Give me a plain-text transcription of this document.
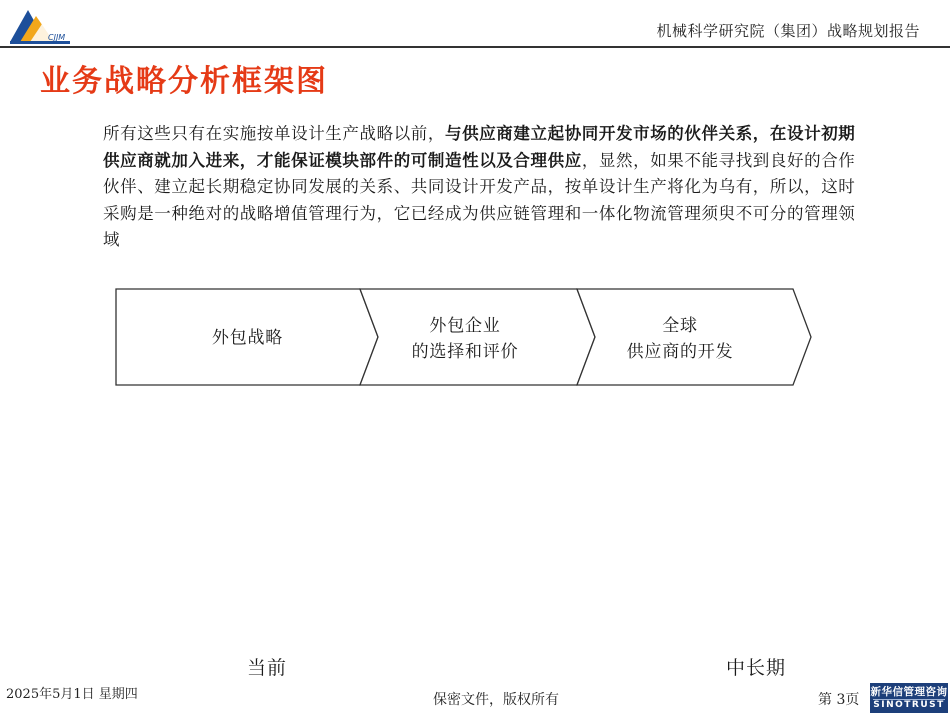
CJJM	机械科学研究院（集团）战略规划报告
业务战略分析框架图
所有这些只有在实施按单设计生产战略以前，与供应商建立起协同开发市场的伙伴关系，在设计初期供应商就加入进来，才能保证模块部件的可制造性以及合理供应，显然，如果不能寻找到良好的合作伙伴、建立起长期稳定协同发展的关系、共同设计开发产品，按单设计生产将化为乌有，所以，这时采购是一种绝对的战略增值管理行为，它已经成为供应链管理和一体化物流管理须臾不可分的管理领域
外包战略
外包企业
的选择和评价
全球
供应商的开发
当前	中长期
2025年5月1日 星期四	保密文件，版权所有	第 3页 新华信管理咨询
SINOTRUST
